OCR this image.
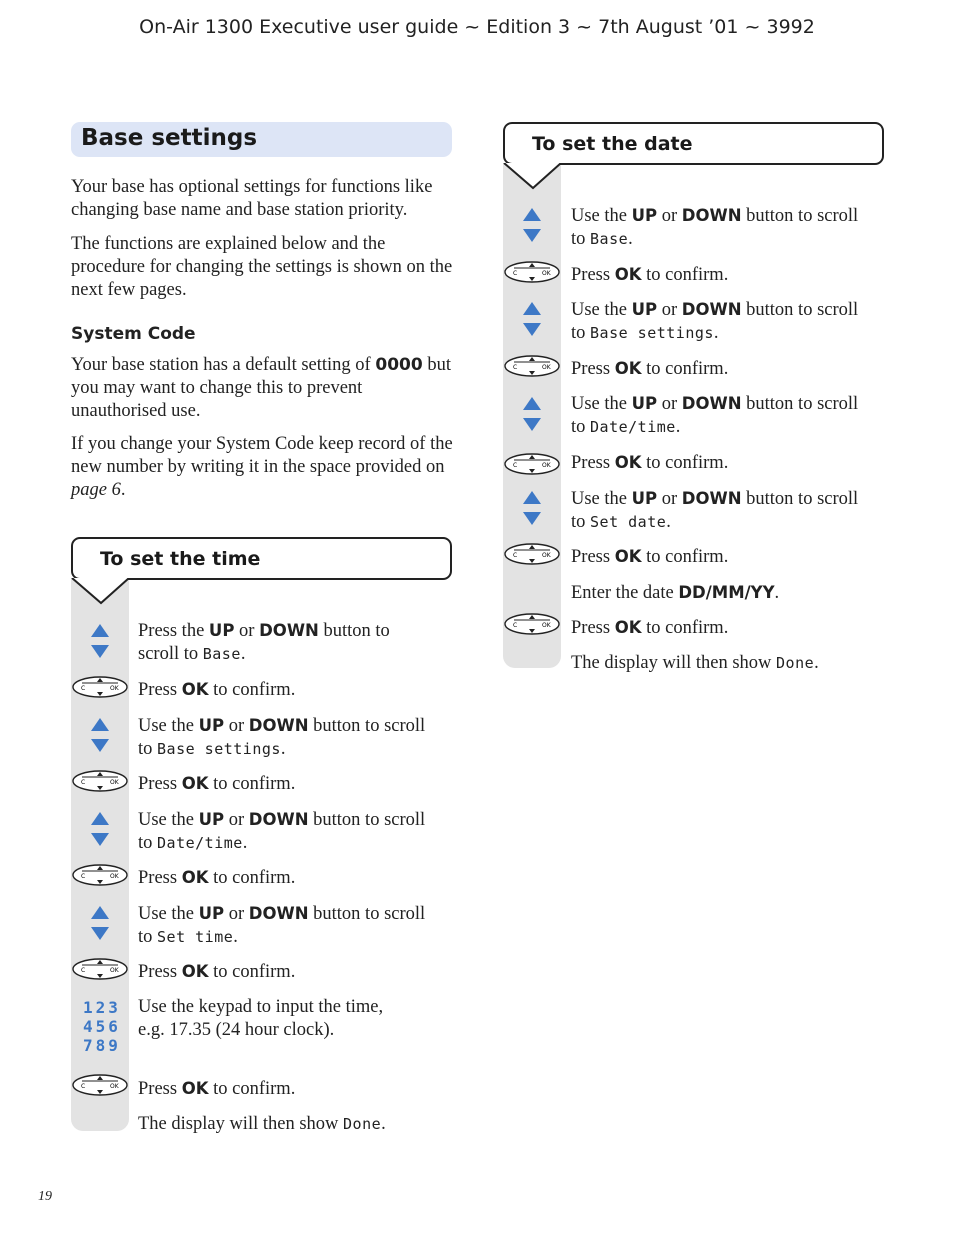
On-Air 1300 Executive user guide ~ Edition 3 ~ 7th August ’01 ~ 3992
Base settings
Your base has optional settings for functions like changing base name and base station priority.
The functions are explained below and the procedure for changing the settings is shown on the next few pages.
System Code
Your base station has a default setting of 0000 but you may want to change this to prevent unauthorised use.
If you change your System Code keep record of the new number by writing it in the space provided on page 6.
To set the time
Press the UP or DOWN button to
scroll to Base.
C	OK Press OK to confirm.
Use the UP or DOWN button to scroll
to Base settings.
C	OK Press OK to confirm.
Use the UP or DOWN button to scroll
to Date/time.
C	OK Press OK to confirm.
Use the UP or DOWN button to scroll
to Set time.
C	OK Press OK to confirm.
123
456
789
Use the keypad to input the time,
e.g. 17.35 (24 hour clock).
C	OK Press OK to confirm.
The display will then show Done.
To set the date
Use the UP or DOWN button to scroll
to Base.
C	OK Press OK to confirm.
Use the UP or DOWN button to scroll
to Base settings.
C	OK Press OK to confirm.
Use the UP or DOWN button to scroll
to Date/time.
C	OK Press OK to confirm.
Use the UP or DOWN button to scroll
to Set date.
C	OK Press OK to confirm.
Enter the date DD/MM/YY.
C	OK Press OK to confirm.
The display will then show Done.
19
